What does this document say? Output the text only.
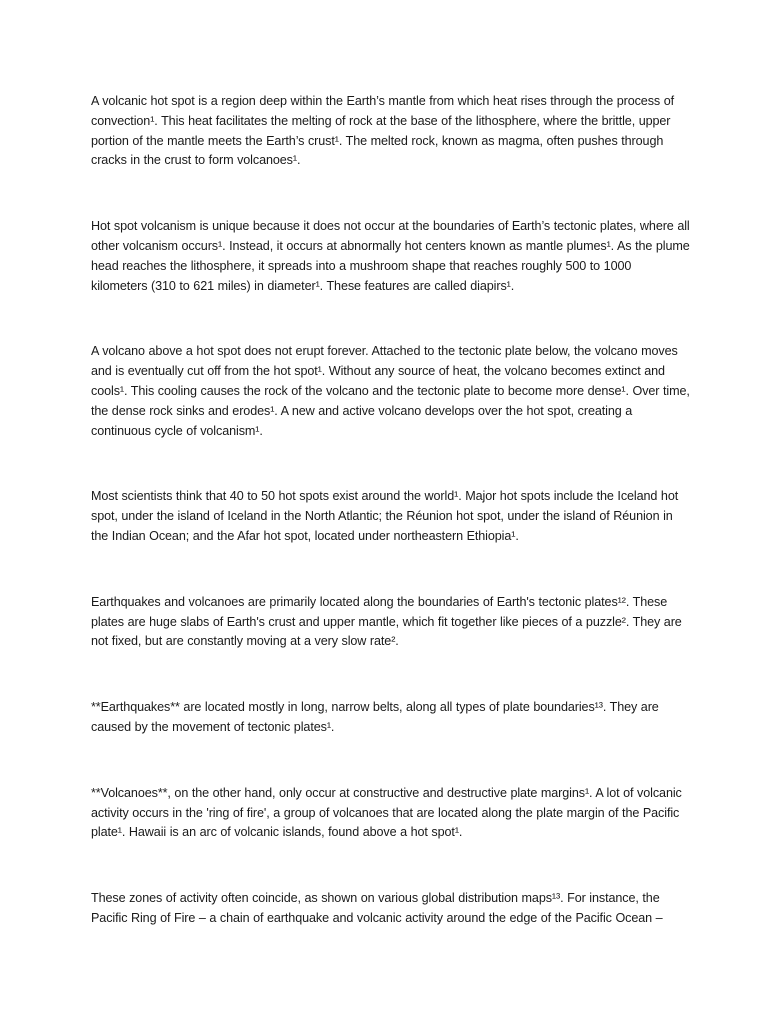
A volcanic hot spot is a region deep within the Earth’s mantle from which heat rises through the process of convection¹. This heat facilitates the melting of rock at the base of the lithosphere, where the brittle, upper portion of the mantle meets the Earth’s crust¹. The melted rock, known as magma, often pushes through cracks in the crust to form volcanoes¹.

Hot spot volcanism is unique because it does not occur at the boundaries of Earth’s tectonic plates, where all other volcanism occurs¹. Instead, it occurs at abnormally hot centers known as mantle plumes¹. As the plume head reaches the lithosphere, it spreads into a mushroom shape that reaches roughly 500 to 1000 kilometers (310 to 621 miles) in diameter¹. These features are called diapirs¹.

A volcano above a hot spot does not erupt forever. Attached to the tectonic plate below, the volcano moves and is eventually cut off from the hot spot¹. Without any source of heat, the volcano becomes extinct and cools¹. This cooling causes the rock of the volcano and the tectonic plate to become more dense¹. Over time, the dense rock sinks and erodes¹. A new and active volcano develops over the hot spot, creating a continuous cycle of volcanism¹.

Most scientists think that 40 to 50 hot spots exist around the world¹. Major hot spots include the Iceland hot spot, under the island of Iceland in the North Atlantic; the Réunion hot spot, under the island of Réunion in the Indian Ocean; and the Afar hot spot, located under northeastern Ethiopia¹.

Earthquakes and volcanoes are primarily located along the boundaries of Earth's tectonic plates¹². These plates are huge slabs of Earth's crust and upper mantle, which fit together like pieces of a puzzle². They are not fixed, but are constantly moving at a very slow rate².

**Earthquakes** are located mostly in long, narrow belts, along all types of plate boundaries¹³. They are caused by the movement of tectonic plates¹.

**Volcanoes**, on the other hand, only occur at constructive and destructive plate margins¹. A lot of volcanic activity occurs in the 'ring of fire', a group of volcanoes that are located along the plate margin of the Pacific plate¹. Hawaii is an arc of volcanic islands, found above a hot spot¹.

These zones of activity often coincide, as shown on various global distribution maps¹³. For instance, the Pacific Ring of Fire – a chain of earthquake and volcanic activity around the edge of the Pacific Ocean –
